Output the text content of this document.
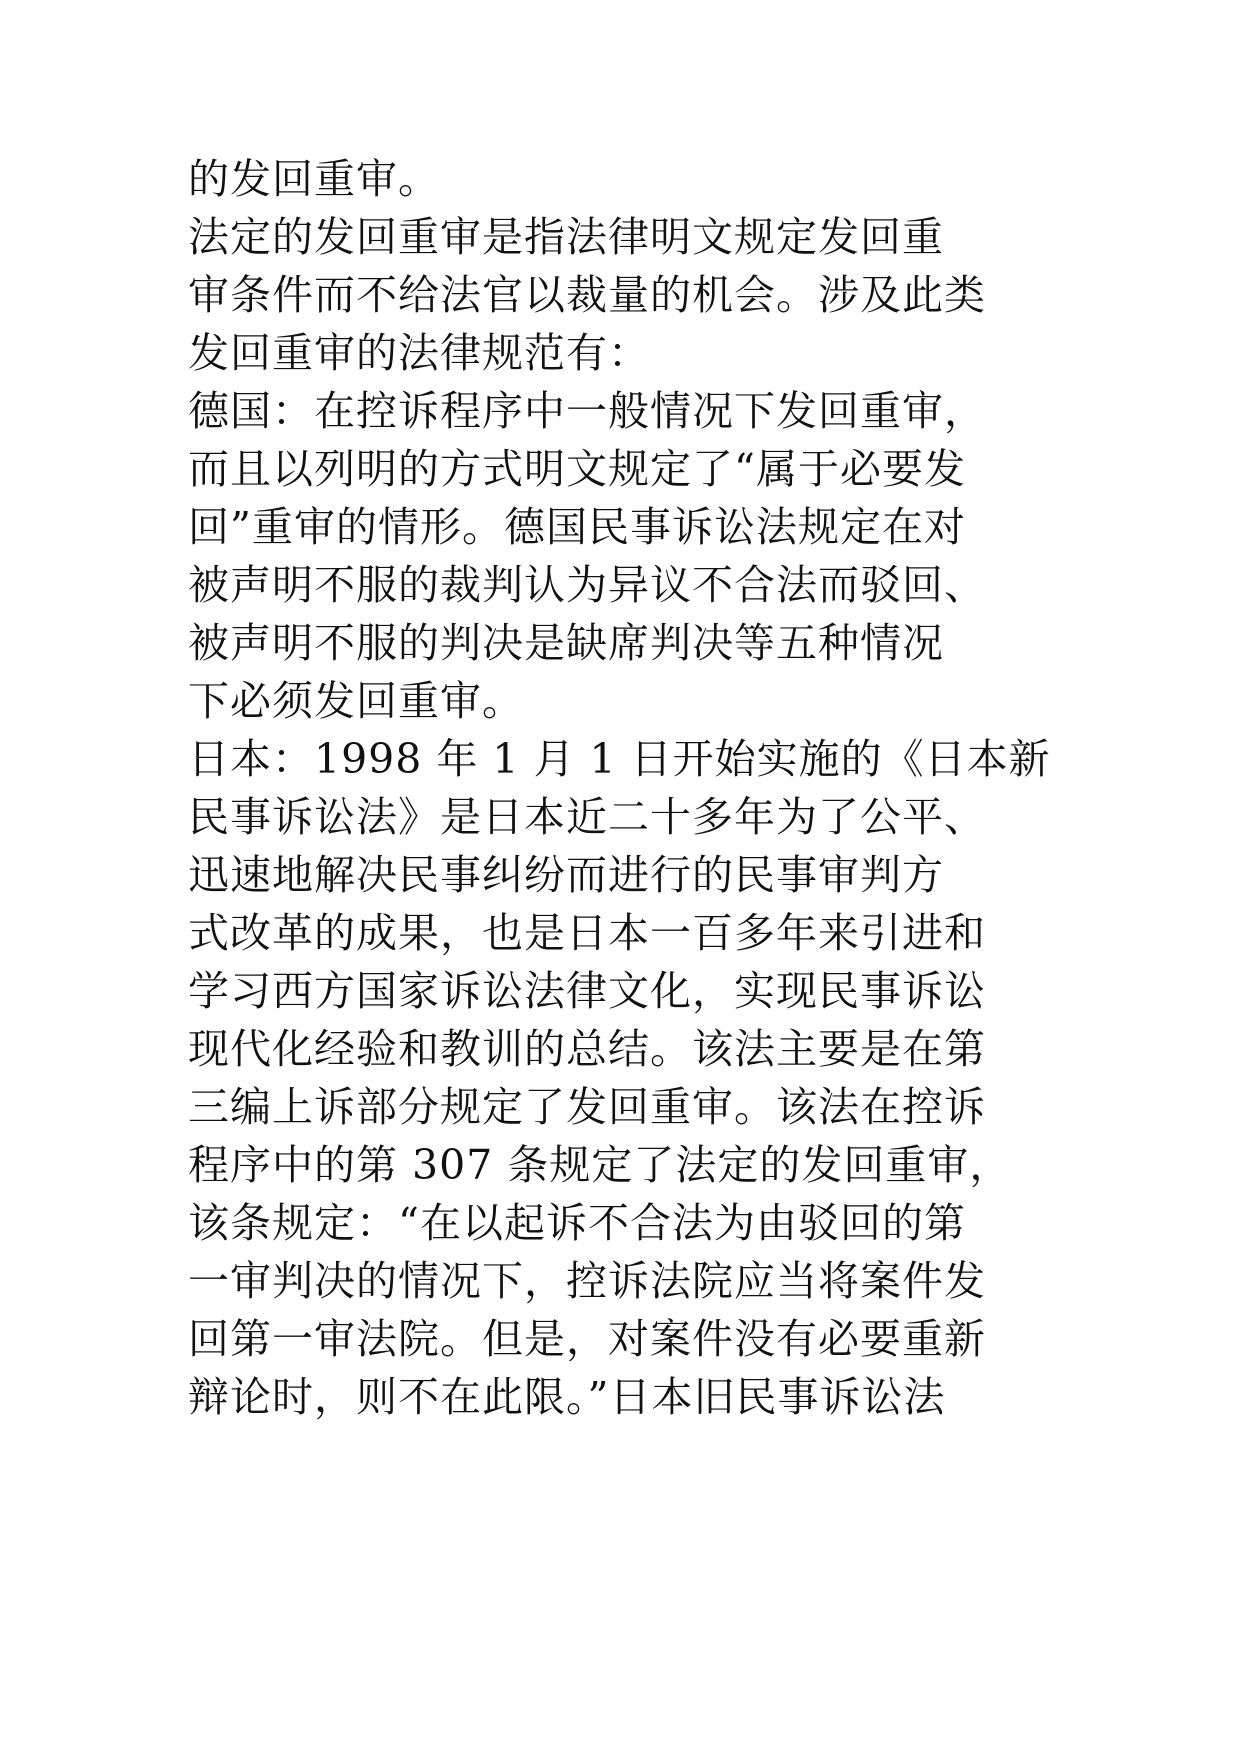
的发回重审。
法定的发回重审是指法律明文规定发回重
审条件而不给法官以裁量的机会。涉及此类
发回重审的法律规范有：
德国：在控诉程序中一般情况下发回重审，
而且以列明的方式明文规定了“属于必要发
回”重审的情形。德国民事诉讼法规定在对
被声明不服的裁判认为异议不合法而驳回、
被声明不服的判决是缺席判决等五种情况
下必须发回重审。
日本：1998 年 1 月 1 日开始实施的《日本新
民事诉讼法》是日本近二十多年为了公平、
迅速地解决民事纠纷而进行的民事审判方
式改革的成果，也是日本一百多年来引进和
学习西方国家诉讼法律文化，实现民事诉讼
现代化经验和教训的总结。该法主要是在第
三编上诉部分规定了发回重审。该法在控诉
程序中的第 307 条规定了法定的发回重审，
该条规定：“在以起诉不合法为由驳回的第
一审判决的情况下，控诉法院应当将案件发
回第一审法院。但是，对案件没有必要重新
辩论时，则不在此限。”日本旧民事诉讼法
